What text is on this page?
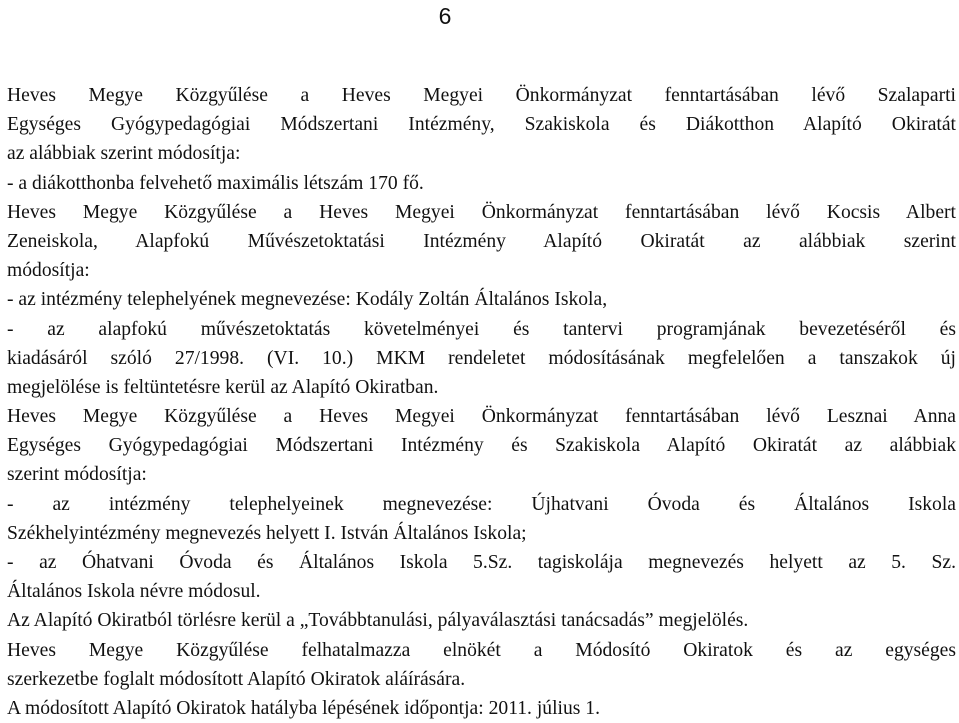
6
Heves Megye Közgyűlése a Heves Megyei Önkormányzat fenntartásában lévő Szalaparti
Egységes Gyógypedagógiai Módszertani Intézmény, Szakiskola és Diákotthon Alapító Okiratát
az alábbiak szerint módosítja:
- a diákotthonba felvehető maximális létszám 170 fő.
Heves Megye Közgyűlése a Heves Megyei Önkormányzat fenntartásában lévő Kocsis Albert
Zeneiskola, Alapfokú Művészetoktatási Intézmény Alapító Okiratát az alábbiak szerint
módosítja:
- az intézmény telephelyének megnevezése: Kodály Zoltán Általános Iskola,
- az alapfokú művészetoktatás követelményei és tantervi programjának bevezetéséről és
kiadásáról szóló 27/1998. (VI. 10.) MKM rendeletet módosításának megfelelően a tanszakok új
megjelölése is feltüntetésre kerül az Alapító Okiratban.
Heves Megye Közgyűlése a Heves Megyei Önkormányzat fenntartásában lévő Lesznai Anna
Egységes Gyógypedagógiai Módszertani Intézmény és Szakiskola Alapító Okiratát az alábbiak
szerint módosítja:
- az intézmény telephelyeinek megnevezése: Újhatvani Óvoda és Általános Iskola
Székhelyintézmény megnevezés helyett I. István Általános Iskola;
- az Óhatvani Óvoda és Általános Iskola 5.Sz. tagiskolája megnevezés helyett az 5. Sz.
Általános Iskola névre módosul.
Az Alapító Okiratból törlésre kerül a „Továbbtanulási, pályaválasztási tanácsadás” megjelölés.
Heves Megye Közgyűlése felhatalmazza elnökét a Módosító Okiratok és az egységes
szerkezetbe foglalt módosított Alapító Okiratok aláírására.
A módosított Alapító Okiratok hatályba lépésének időpontja: 2011. július 1.
